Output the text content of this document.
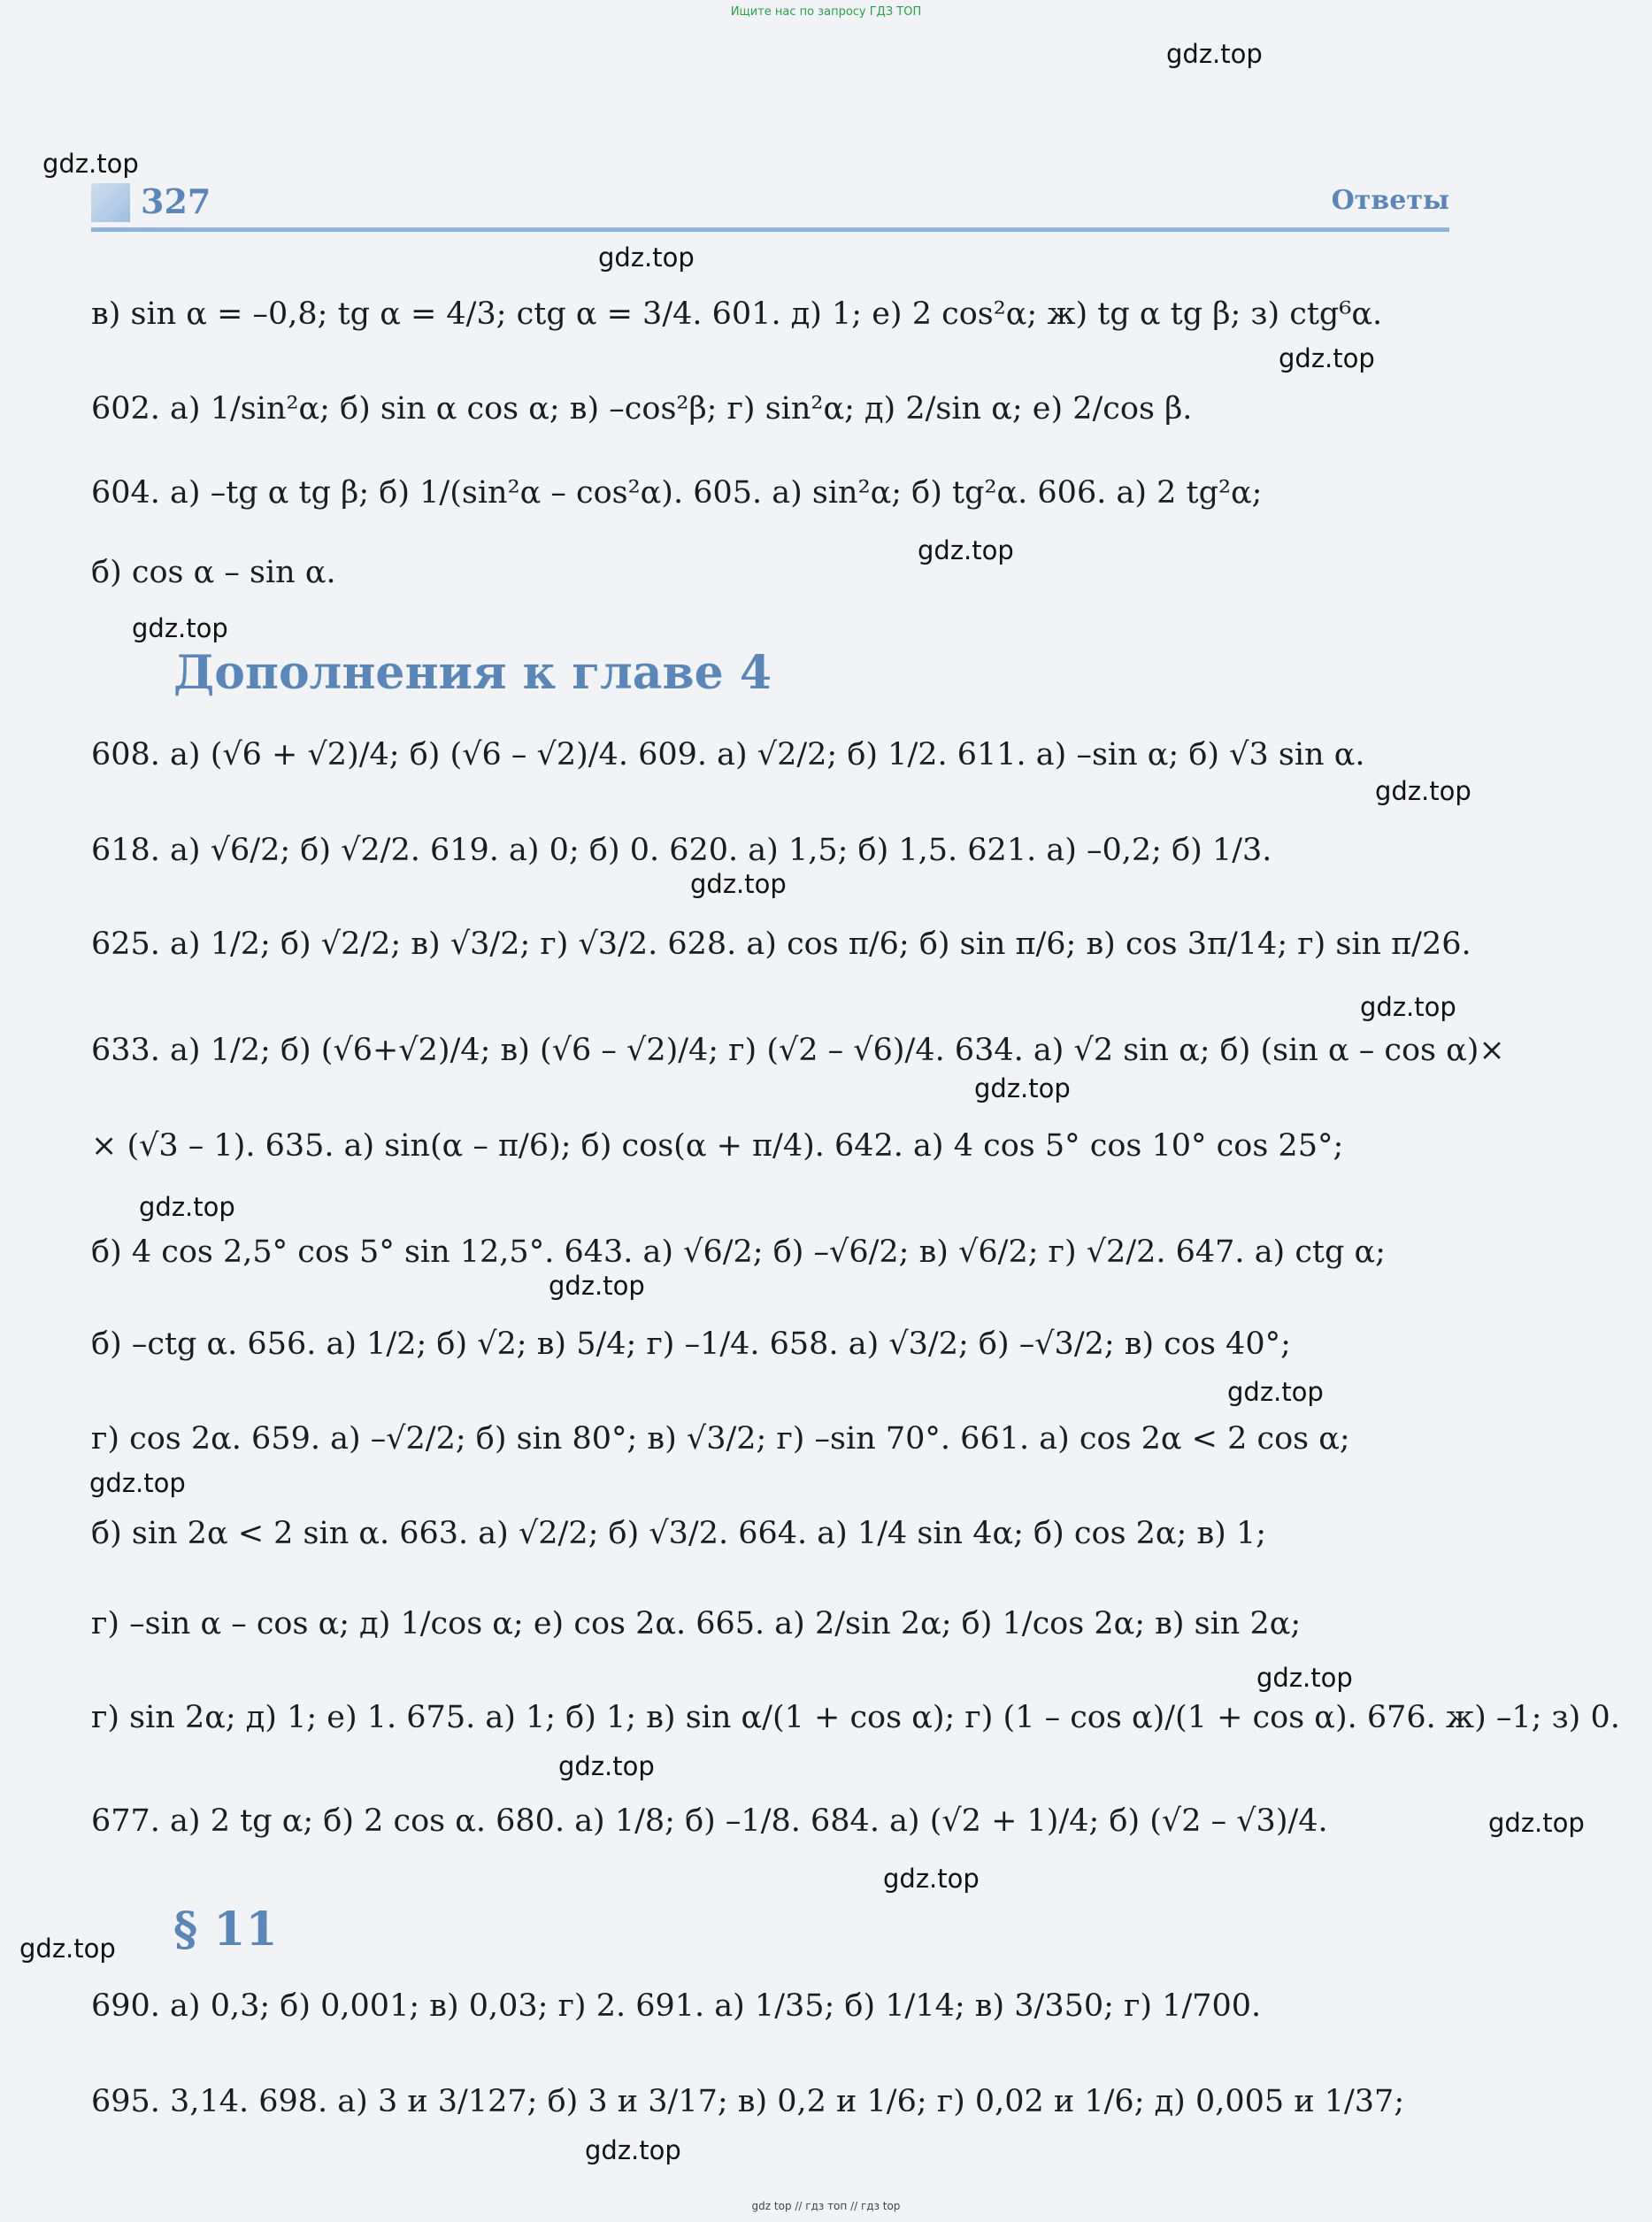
Ищите нас по запросу ГДЗ ТОП
gdz.top
gdz.top
gdz.top
gdz.top
gdz.top
gdz.top
gdz.top
gdz.top
gdz.top
gdz.top
gdz.top
gdz.top
gdz.top
gdz.top
gdz.top
gdz.top
gdz.top
gdz.top
gdz.top
gdz.top
327	Ответы
в) sin α = –0,8; tg α = 4/3; ctg α = 3/4. 601. д) 1; е) 2 cos²α; ж) tg α tg β; з) ctg⁶α.
602. а) 1/sin²α; б) sin α cos α; в) –cos²β; г) sin²α; д) 2/sin α; е) 2/cos β.
604. а) –tg α tg β; б) 1/(sin²α – cos²α). 605. а) sin²α; б) tg²α. 606. а) 2 tg²α;
б) cos α – sin α.
Дополнения к главе 4
608. а) (√6 + √2)/4; б) (√6 – √2)/4. 609. а) √2/2; б) 1/2. 611. а) –sin α; б) √3 sin α.
618. а) √6/2; б) √2/2. 619. а) 0; б) 0. 620. а) 1,5; б) 1,5. 621. а) –0,2; б) 1/3.
625. а) 1/2; б) √2/2; в) √3/2; г) √3/2. 628. а) cos π/6; б) sin π/6; в) cos 3π/14; г) sin π/26.
633. а) 1/2; б) (√6+√2)/4; в) (√6 – √2)/4; г) (√2 – √6)/4. 634. а) √2 sin α; б) (sin α – cos α)×
× (√3 – 1). 635. а) sin(α – π/6); б) cos(α + π/4). 642. а) 4 cos 5° cos 10° cos 25°;
б) 4 cos 2,5° cos 5° sin 12,5°. 643. а) √6/2; б) –√6/2; в) √6/2; г) √2/2. 647. а) ctg α;
б) –ctg α. 656. а) 1/2; б) √2; в) 5/4; г) –1/4. 658. а) √3/2; б) –√3/2; в) cos 40°;
г) cos 2α. 659. а) –√2/2; б) sin 80°; в) √3/2; г) –sin 70°. 661. а) cos 2α < 2 cos α;
б) sin 2α < 2 sin α. 663. а) √2/2; б) √3/2. 664. а) 1/4 sin 4α; б) cos 2α; в) 1;
г) –sin α – cos α; д) 1/cos α; е) cos 2α. 665. а) 2/sin 2α; б) 1/cos 2α; в) sin 2α;
г) sin 2α; д) 1; е) 1. 675. а) 1; б) 1; в) sin α/(1 + cos α); г) (1 – cos α)/(1 + cos α). 676. ж) –1; з) 0.
677. а) 2 tg α; б) 2 cos α. 680. а) 1/8; б) –1/8. 684. а) (√2 + 1)/4; б) (√2 – √3)/4.
§ 11
690. а) 0,3; б) 0,001; в) 0,03; г) 2. 691. а) 1/35; б) 1/14; в) 3/350; г) 1/700.
695. 3,14. 698. а) 3 и 3/127; б) 3 и 3/17; в) 0,2 и 1/6; г) 0,02 и 1/6; д) 0,005 и 1/37;
gdz top // гдз топ // гдз top
